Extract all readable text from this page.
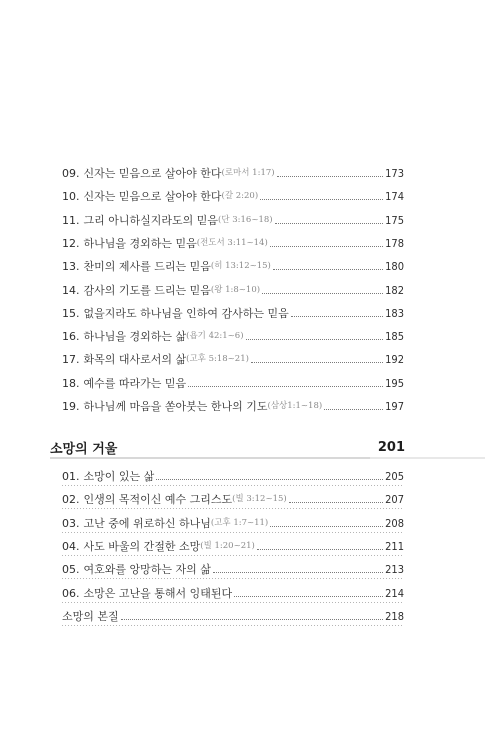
09. 신자는 믿음으로 살아야 한다 (로마서 1:17)	173
10. 신자는 믿음으로 살아야 한다 (갈 2:20)	174
11. 그리 아니하실지라도의 믿음 (단 3:16~18)	175
12. 하나님을 경외하는 믿음 (전도서 3:11~14)	178
13. 찬미의 제사를 드리는 믿음 (히 13:12~15)	180
14. 감사의 기도를 드리는 믿음 (왕 1:8~10)	182
15. 없을지라도 하나님을 인하여 감사하는 믿음	183
16. 하나님을 경외하는 삶 (욥기 42:1~6)	185
17. 화목의 대사로서의 삶 (고후 5:18~21)	192
18. 예수를 따라가는 믿음	195
19. 하나님께 마음을 쏟아붓는 한나의 기도 (삼상1:1~18)	197
소망의 거울	201
01. 소망이 있는 삶	205
02. 인생의 목적이신 예수 그리스도 (빌 3:12~15)	207
03. 고난 중에 위로하신 하나님 (고후 1:7~11)	208
04. 사도 바울의 간절한 소망 (빌 1:20~21)	211
05. 여호와를 앙망하는 자의 삶	213
06. 소망은 고난을 통해서 잉태된다	214
소망의 본질	218
